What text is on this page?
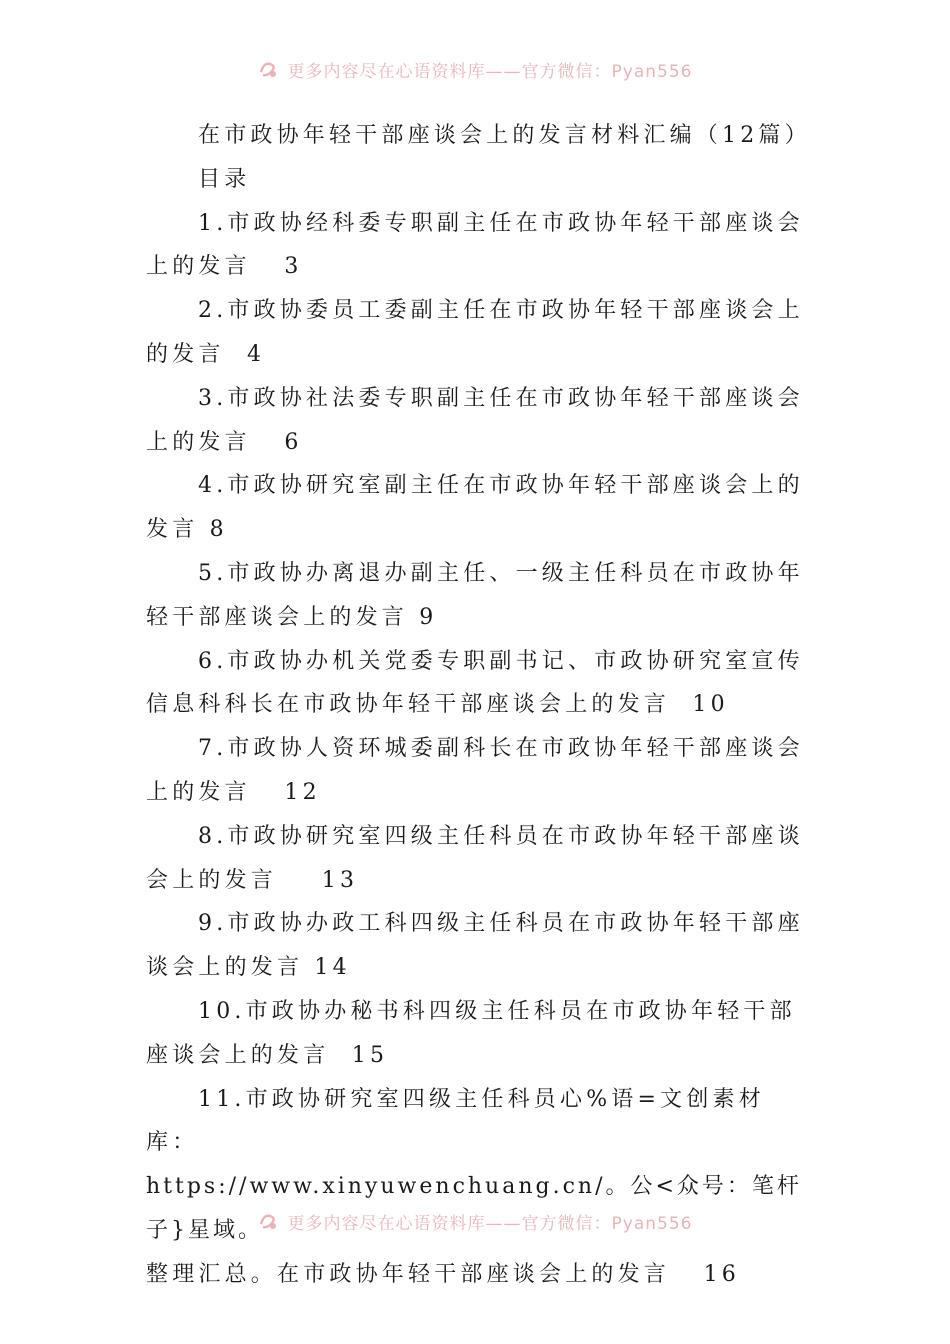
更多内容尽在心语资料库——官方微信：Pyan556

在市政协年轻干部座谈会上的发言材料汇编（12篇）

目录

1.市政协经科委专职副主任在市政协年轻干部座谈会上的发言   3

2.市政协委员工委副主任在市政协年轻干部座谈会上的发言  4

3.市政协社法委专职副主任在市政协年轻干部座谈会上的发言   6

4.市政协研究室副主任在市政协年轻干部座谈会上的发言 8

5.市政协办离退办副主任、一级主任科员在市政协年轻干部座谈会上的发言 9

6.市政协办机关党委专职副书记、市政协研究室宣传信息科科长在市政协年轻干部座谈会上的发言  10

7.市政协人资环城委副科长在市政协年轻干部座谈会上的发言   12

8.市政协研究室四级主任科员在市政协年轻干部座谈会上的发言    13

9.市政协办政工科四级主任科员在市政协年轻干部座谈会上的发言 14

10.市政协办秘书科四级主任科员在市政协年轻干部座谈会上的发言  15

11.市政协研究室四级主任科员心%语=文创素材库：

https://www.xinyuwenchuang.cn/。公<众号：笔杆子}星域。

整理汇总。在市政协年轻干部座谈会上的发言   16

更多内容尽在心语资料库——官方微信：Pyan556
